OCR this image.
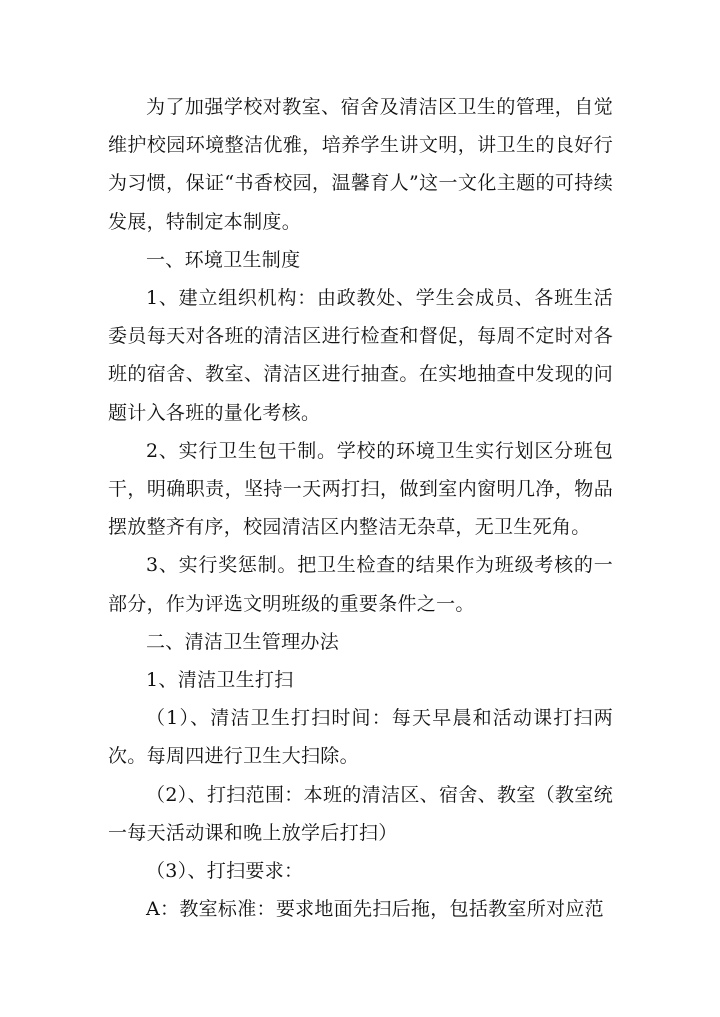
为了加强学校对教室、宿舍及清洁区卫生的管理，自觉维护校园环境整洁优雅，培养学生讲文明，讲卫生的良好行为习惯，保证“书香校园，温馨育人”这一文化主题的可持续发展，特制定本制度。

一、环境卫生制度

1、建立组织机构：由政教处、学生会成员、各班生活委员每天对各班的清洁区进行检查和督促，每周不定时对各班的宿舍、教室、清洁区进行抽查。在实地抽查中发现的问题计入各班的量化考核。

2、实行卫生包干制。学校的环境卫生实行划区分班包干，明确职责，坚持一天两打扫，做到室内窗明几净，物品摆放整齐有序，校园清洁区内整洁无杂草，无卫生死角。

3、实行奖惩制。把卫生检查的结果作为班级考核的一部分，作为评选文明班级的重要条件之一。

二、清洁卫生管理办法

1、清洁卫生打扫

（1）、清洁卫生打扫时间：每天早晨和活动课打扫两次。每周四进行卫生大扫除。

（2）、打扫范围：本班的清洁区、宿舍、教室（教室统一每天活动课和晚上放学后打扫）

（3）、打扫要求：

A：教室标准：要求地面先扫后拖，包括教室所对应范
